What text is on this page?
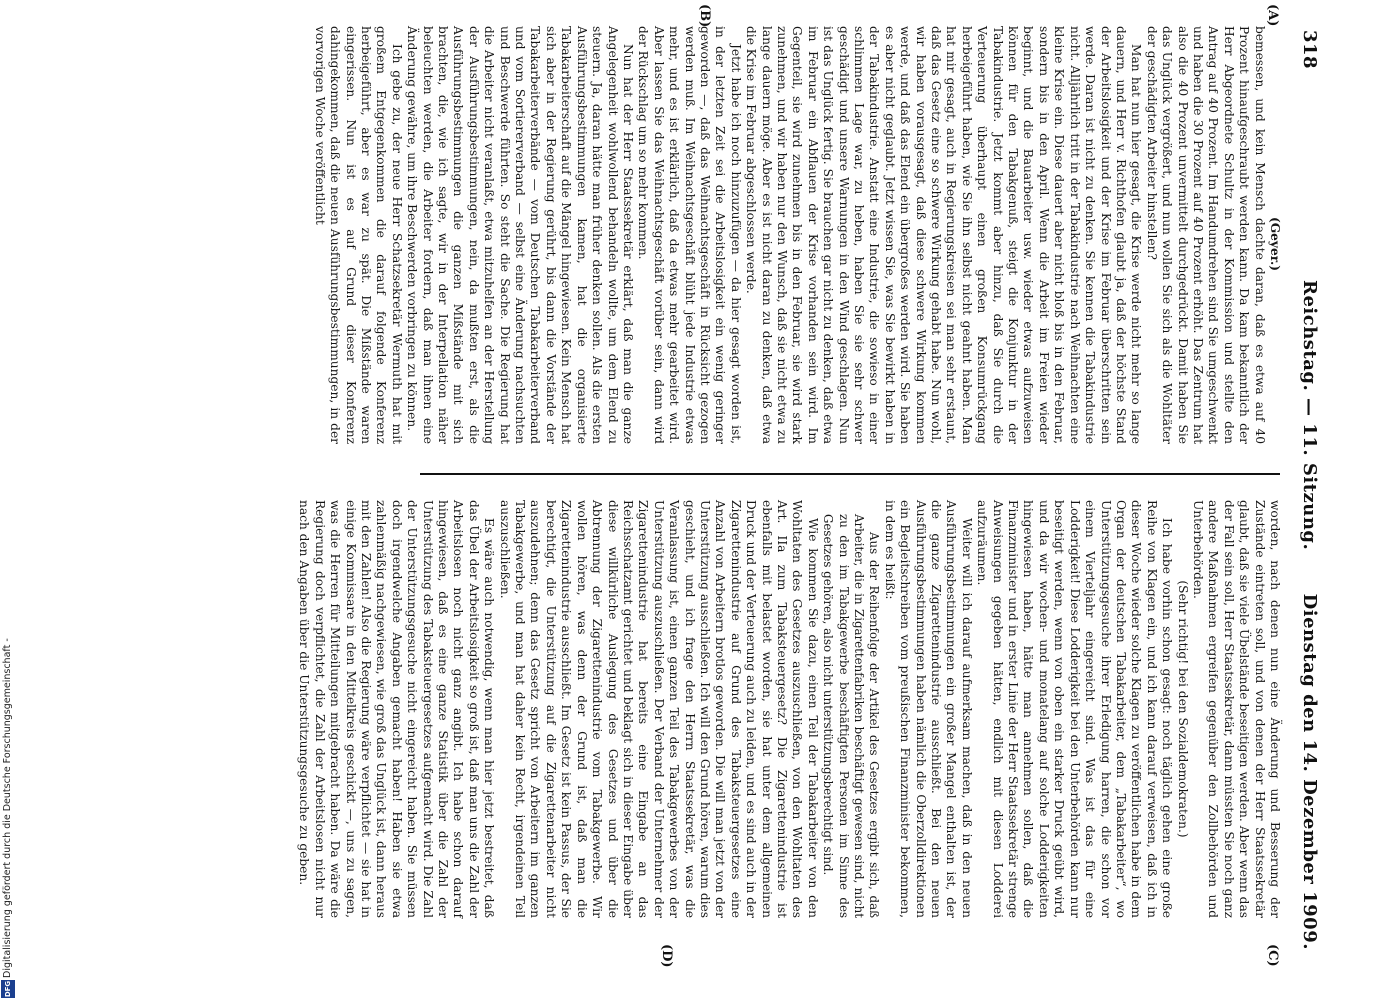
318
Reichstag. — 11. Sitzung.
Dienstag den 14. Dezember 1909.
(A)
(B)
(C)
(D)

(Geyer.)

bemessen, und kein Mensch dachte daran, daß es etwa auf 40 Prozent hinaufgeschraubt werden kann. Da kam bekanntlich der Herr Abgeordnete Schultz in der Kommission und stellte den Antrag auf 40 Prozent. Im Handumdrehen sind Sie umgeschwenkt und haben die 30 Prozent auf 40 Prozent erhöht. Das Zentrum hat also die 40 Prozent unvermittelt durchgedrückt. Damit haben Sie das Unglück vergrößert, und nun wollen Sie sich als die Wohltäter der geschädigten Arbeiter hinstellen?

Man hat nun hier gesagt, die Krise werde nicht mehr so lange dauern, und Herr v. Richthofen glaubt ja, daß der höchste Stand der Arbeitslosigkeit und der Krise im Februar überschritten sein werde. Daran ist nicht zu denken. Sie kennen die Tabakindustrie nicht. Alljährlich tritt in der Tabakindustrie nach Weihnachten eine kleine Krise ein. Diese dauert aber nicht bloß bis in den Februar, sondern bis in den April. Wenn die Arbeit im Freien wieder beginnt, und die Bauarbeiter usw. wieder etwas aufzuweisen können für den Tabakgenuß, steigt die Konjunktur in der Tabakindustrie. Jetzt kommt aber hinzu, daß Sie durch die Verteuerung überhaupt einen großen Konsumrückgang herbeigeführt haben, wie Sie ihn selbst nicht geahnt haben. Man hat mir gesagt, auch in Regierungskreisen sei man sehr erstaunt, daß das Gesetz eine so schwere Wirkung gehabt habe. Nun wohl, wir haben vorausgesagt, daß diese schwere Wirkung kommen werde, und daß das Elend ein übergroßes werden wird. Sie haben es aber nicht geglaubt. Jetzt wissen Sie, was Sie bewirkt haben in der Tabakindustrie. Anstatt eine Industrie, die sowieso in einer schlimmen Lage war, zu heben, haben Sie sie sehr schwer geschädigt und unsere Warnungen in den Wind geschlagen. Nun ist das Unglück fertig. Sie brauchen gar nicht zu denken, daß etwa im Februar ein Abflauen der Krise vorhanden sein wird. Im Gegenteil, sie wird zunehmen bis in den Februar, sie wird stark zunehmen, und wir haben nur den Wunsch, daß sie nicht etwa zu lange dauern möge. Aber es ist nicht daran zu denken, daß etwa die Krise im Februar abgeschlossen werde.

Jetzt habe ich noch hinzuzufügen — da hier gesagt worden ist, in der letzten Zeit sei die Arbeitslosigkeit ein wenig geringer geworden —, daß das Weihnachtsgeschäft in Rücksicht gezogen werden muß. Im Weihnachtsgeschäft blüht jede Industrie etwas mehr, und es ist erklärlich, daß da etwas mehr gearbeitet wird. Aber lassen Sie das Weihnachtsgeschäft vorüber sein, dann wird der Rückschlag um so mehr kommen.

Nun hat der Herr Staatssekretär erklärt, daß man die ganze Angelegenheit wohlwollend behandeln wollte, um dem Elend zu steuern. Ja, daran hätte man früher denken sollen. Als die ersten Ausführungsbestimmungen kamen, hat die organisierte Tabakarbeiterschaft auf die Mängel hingewiesen. Kein Mensch hat sich aber in der Regierung gerührt, bis dann die Vorstände der Tabakarbeiterverbände — vom Deutschen Tabakarbeiterverband und vom Sortiererverband — selbst eine Änderung nachsuchten und Beschwerde führten. So steht die Sache. Die Regierung hat die Arbeiter nicht veranlaßt, etwa mitzuhelfen an der Herstellung der Ausführungsbestimmungen, nein, da mußten erst, als die Ausführungsbestimmungen die ganzen Mißstände mit sich brachten, die, wie ich sagte, wir in der Interpellation näher beleuchten werden, die Arbeiter fordern, daß man ihnen eine Änderung gewähre, um ihre Beschwerden vorbringen zu können.

Ich gebe zu, der neue Herr Schatzsekretär Wermuth hat mit großem Entgegenkommen die darauf folgende Konferenz herbeigeführt, aber es war zu spät. Die Mißstände waren eingerissen. Nun ist es auf Grund dieser Konferenz dahingekommen, daß die neuen Ausführungsbestimmungen, in der vorvorigen Woche veröffentlicht

worden, nach denen nun eine Änderung und Besserung der Zustände eintreten soll, und von denen der Herr Staatssekretär glaubt, daß sie viele Übelstände beseitigen werden. Aber wenn das der Fall sein soll, Herr Staatssekretär, dann müssten Sie noch ganz andere Maßnahmen ergreifen gegenüber den Zollbehörden und Unterbehörden.

(Sehr richtig! bei den Sozialdemokraten.)

Ich habe vorhin schon gesagt: noch täglich gehen eine große Reihe von Klagen ein, und ich kann darauf verweisen, daß ich in dieser Woche wieder solche Klagen zu veröffentlichen habe in dem Organ der deutschen Tabakarbeiter, dem „Tabakarbeiter“, wo Unterstützungsgesuche ihrer Erledigung harren, die schon vor einem Vierteljahr eingereicht sind. Was ist das für eine Lodderigkeit! Diese Lodderigkeit bei den Unterbehörden kann nur beseitigt werden, wenn von oben ein starker Druck geübt wird, und da wir wochen- und monatelang auf solche Lodderigkeiten hingewiesen haben, hätte man annehmen sollen, daß die Finanzminister und in erster Linie der Herr Staatssekretär strenge Anweisungen gegeben hätten, endlich mit diesen Lodderei aufzuräumen.

Weiter will ich darauf aufmerksam machen, daß in den neuen Ausführungsbestimmungen ein großer Mangel enthalten ist, der die ganze Zigarettenindustrie ausschließt. Bei den neuen Ausführungsbestimmungen haben nämlich die Oberzolldirektionen ein Begleitschreiben vom preußischen Finanzminister bekommen, in dem es heißt:

Aus der Reihenfolge der Artikel des Gesetzes ergibt sich, daß Arbeiter, die in Zigarettenfabriken beschäftigt gewesen sind, nicht zu den im Tabakgewerbe beschäftigten Personen im Sinne des Gesetzes gehören, also nicht unterstützungsberechtigt sind.

Wie kommen Sie dazu, einen Teil der Tabakarbeiter von den Wohltaten des Gesetzes auszuschließen, von den Wohltaten des Art. IIa zum Tabaksteuergesetz? Die Zigarettenindustrie ist ebenfalls mit belastet worden, sie hat unter dem allgemeinen Druck und der Verteuerung auch zu leiden, und es sind auch in der Zigarettenindustrie auf Grund des Tabaksteuergesetzes eine Anzahl von Arbeitern brotlos geworden. Die will man jetzt von der Unterstützung ausschließen. Ich will den Grund hören, warum dies geschieht, und ich frage den Herrn Staatssekretär, was die Veranlassung ist, einen ganzen Teil des Tabakgewerbes von der Unterstützung auszuschließen. Der Verband der Unternehmer der Zigarettenindustrie hat bereits eine Eingabe an das Reichsschatzamt gerichtet und beklagt sich in dieser Eingabe über diese willkürliche Auslegung des Gesetzes und über die Abtrennung der Zigarettenindustrie vom Tabakgewerbe. Wir wollen hören, was denn der Grund ist, daß man die Zigarettenindustrie ausschließt. Im Gesetz ist kein Passus, der Sie berechtigt, die Unterstützung auf die Zigarettenarbeiter nicht auszudehnen; denn das Gesetz spricht von Arbeitern im ganzen Tabakgewerbe, und man hat daher kein Recht, irgendeinen Teil auszuschließen.

Es wäre auch notwendig, wenn man hier jetzt bestreitet, daß das Übel der Arbeitslosigkeit so groß ist, daß man uns die Zahl der Arbeitslosen noch nicht ganz angibt. Ich habe schon darauf hingewiesen, daß es eine ganze Statistik über die Zahl der Unterstützung des Tabaksteuergesetzes aufgemacht wird. Die Zahl der Unterstützungsgesuche nicht eingereicht haben. Sie müssen doch irgendwelche Angaben gemacht haben! Haben sie etwa zahlenmäßig nachgewiesen, wie groß das Unglück ist, dann heraus mit den Zahlen! Also die Regierung wäre verpflichtet — sie hat in einige Kommissare in den Mittelkreis geschickt —, uns zu sagen, was die Herren für Mitteilungen mitgebracht haben. Da wäre die Regierung doch verpflichtet, die Zahl der Arbeitslosen nicht nur nach den Angaben über die Unterstützungsgesuche zu geben.

Digitalisierung gefördert durch die Deutsche Forschungsgemeinschaft -
DFG
